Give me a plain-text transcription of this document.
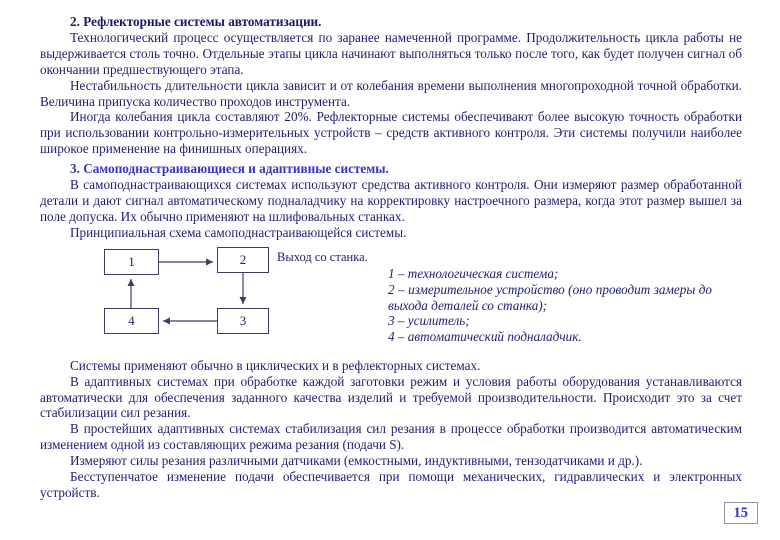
2. Рефлекторные системы автоматизации.

Технологический процесс осуществляется по заранее намеченной программе. Продолжительность цикла работы не выдерживается столь точно. Отдельные этапы цикла начинают выполняться только после того, как будет получен сигнал об окончании предшествующего этапа.

Нестабильность длительности цикла зависит и от колебания времени выполнения многопроходной точной обработки. Величина припуска количество проходов инструмента.

Иногда колебания цикла составляют 20%. Рефлекторные системы обеспечивают более высокую точность обработки при использовании контрольно-измерительных устройств – средств активного контроля. Эти системы получили наиболее широкое применение на финишных операциях.

3. Самоподнастраивающиеся и адаптивные системы.

В самоподнастраивающихся системах используют средства активного контроля. Они измеряют размер обработанной детали и дают сигнал автоматическому подналадчику на корректировку настроечного размера, когда этот размер вышел за поле допуска. Их обычно применяют на шлифовальных станках.

Принципиальная схема самоподнастраивающейся системы.

1	2
4	3
Выход со станка.

1 – технологическая система;

2 – измерительное устройство (оно проводит замеры до выхода деталей со станка);

3 – усилитель;

4 – автоматический подналадчик.

Системы применяют обычно в циклических и в рефлекторных системах.

В адаптивных системах при обработке каждой заготовки режим и условия работы оборудования устанавливаются автоматически для обеспечения заданного качества изделий и требуемой производительности. Происходит это за счет стабилизации сил резания.

В простейших адаптивных системах стабилизация сил резания в процессе обработки производится автоматическим изменением одной из составляющих режима резания (подачи S).

Измеряют силы резания различными датчиками (емкостными, индуктивными, тензодатчиками и др.).

Бесступенчатое изменение подачи обеспечивается при помощи механических, гидравлических и электронных устройств.

15
